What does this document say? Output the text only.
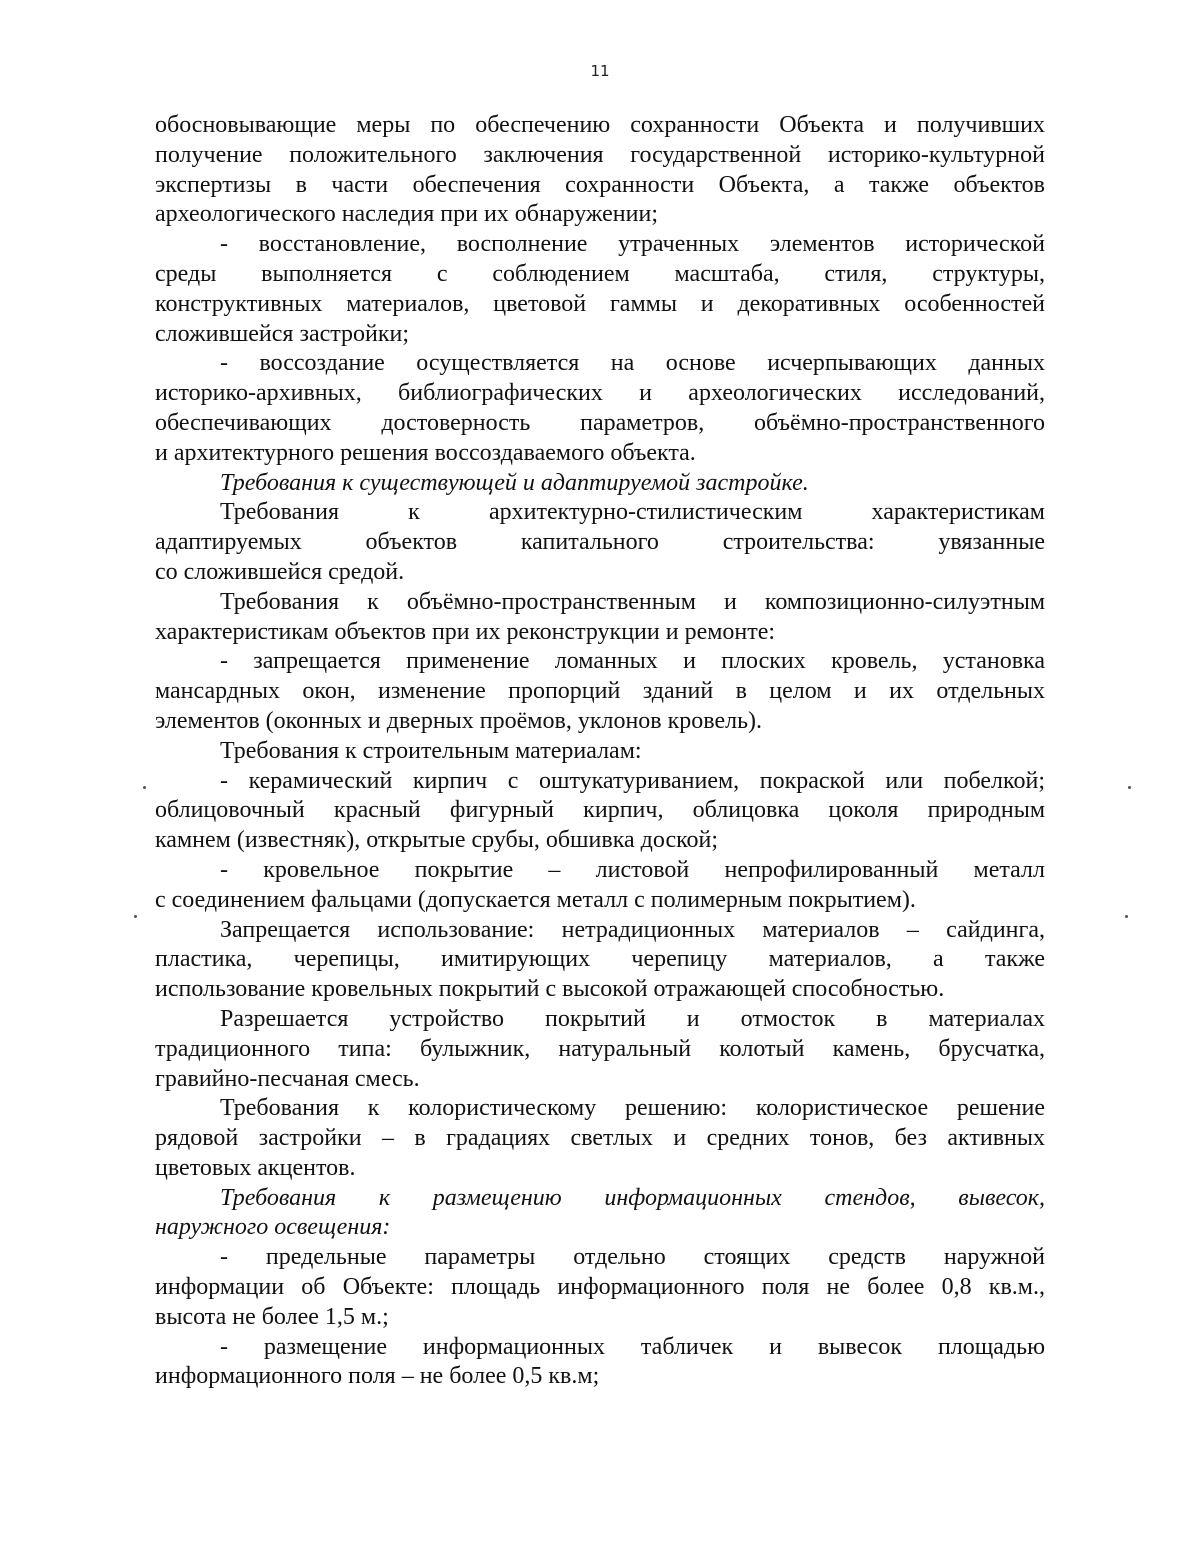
11

обосновывающие меры по обеспечению сохранности Объекта и получивших
получение положительного заключения государственной историко-культурной
экспертизы в части обеспечения сохранности Объекта, а также объектов
археологического наследия при их обнаружении;

- восстановление, восполнение утраченных элементов исторической
среды выполняется с соблюдением масштаба, стиля, структуры,
конструктивных материалов, цветовой гаммы и декоративных особенностей
сложившейся застройки;

- воссоздание осуществляется на основе исчерпывающих данных
историко-архивных, библиографических и археологических исследований,
обеспечивающих достоверность параметров, объёмно-пространственного
и архитектурного решения воссоздаваемого объекта.

Требования к существующей и адаптируемой застройке.

Требования к архитектурно-стилистическим характеристикам
адаптируемых объектов капитального строительства: увязанные
со сложившейся средой.

Требования к объёмно-пространственным и композиционно-силуэтным
характеристикам объектов при их реконструкции и ремонте:

- запрещается применение ломанных и плоских кровель, установка
мансардных окон, изменение пропорций зданий в целом и их отдельных
элементов (оконных и дверных проёмов, уклонов кровель).

Требования к строительным материалам:

- керамический кирпич с оштукатуриванием, покраской или побелкой;
облицовочный красный фигурный кирпич, облицовка цоколя природным
камнем (известняк), открытые срубы, обшивка доской;

- кровельное покрытие – листовой непрофилированный металл
с соединением фальцами (допускается металл с полимерным покрытием).

Запрещается использование: нетрадиционных материалов – сайдинга,
пластика, черепицы, имитирующих черепицу материалов, а также
использование кровельных покрытий с высокой отражающей способностью.

Разрешается устройство покрытий и отмосток в материалах
традиционного типа: булыжник, натуральный колотый камень, брусчатка,
гравийно-песчаная смесь.

Требования к колористическому решению: колористическое решение
рядовой застройки – в градациях светлых и средних тонов, без активных
цветовых акцентов.

Требования к размещению информационных стендов, вывесок,
наружного освещения:

- предельные параметры отдельно стоящих средств наружной
информации об Объекте: площадь информационного поля не более 0,8 кв.м.,
высота не более 1,5 м.;

- размещение информационных табличек и вывесок площадью
информационного поля – не более 0,5 кв.м;
